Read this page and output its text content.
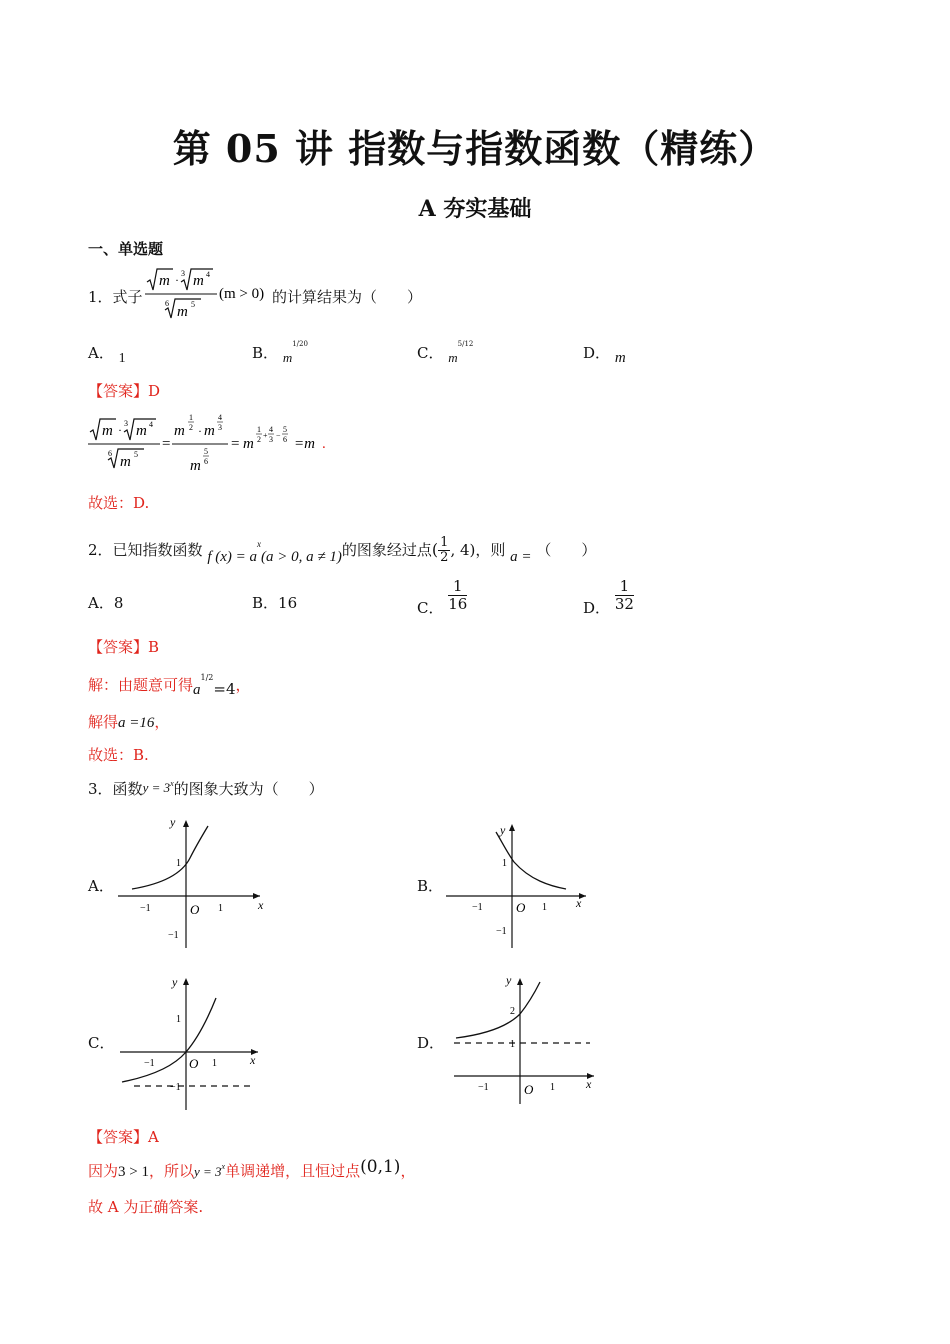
第 05 讲 指数与指数函数（精练）
A 夯实基础
一、单选题
1．式子
m · 3 m 4
6
m 5
(m > 0) 的计算结果为（　　）
A． 1	B． $m^{1/20}$	C． $m^{5/12}$	D． m
【答案】D
m · 3 m 4
6
m 5
=
m
1
2 · m
4
3
m
5
6
= m
1
2 +
4
3 −
5
6 =m .
故选：D.
2．已知指数函数 f $(x) = a^x(a > 0$, a ≠ 1)的图象经过点( $\frac{1}{2}$ , 4)，则 a = （　　）
A．8	B．16	C． $\frac{1}{16}$	D． $\frac{1}{32}$
【答案】B
解：由题意可得$a^{1/2}=4$，
解得a =16，
故选：B.
3．函数$y = 3^x$的图象大致为（　　）
A．	B．
C．	D．
y
x
O
−1	1
1
−1
y
x
O
−1	1
1
−1
y
x
O
−1	1
1
−1
y
x
O
−1	1
1
2
【答案】A
因为3 > 1，所以$y = 3^x$单调递增，且恒过点(0,1)，
故 A 为正确答案.
